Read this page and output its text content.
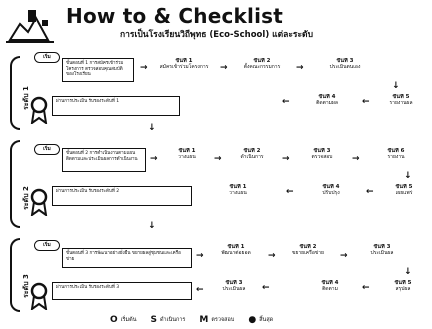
How to & Checklist
การเป็นโรงเรียนวิถีพุทธ (Eco-School) แต่ละระดับ
ระดับ 1
เริ่ม
ขั้นตอนที่ 1 การสมัครเข้าร่วมโครงการ ตรวจสอบคุณสมบัติของโรงเรียน
→
ขั้นที่ 1
สมัครเข้าร่วมโครงการ	→
ขั้นที่ 2
ตั้งคณะกรรมการ	→
ขั้นที่ 3
ประเมินตนเอง
↓
ขั้นที่ 5
รายงานผล
←
ขั้นที่ 4
ติดตามผล
←
ผ่านการประเมิน รับรองระดับที่ 1
↓
ระดับ 2
เริ่ม
ขั้นตอนที่ 2 การดำเนินงานตามแผน ติดตามและประเมินผลการดำเนินงาน	→
ขั้นที่ 1
วางแผน	→
ขั้นที่ 2
ดำเนินการ	→
ขั้นที่ 3
ตรวจสอบ	→
ขั้นที่ 6
รายงาน
↓
ขั้นที่ 5
เผยแพร่
←
ขั้นที่ 4
ปรับปรุง
←
ผ่านการประเมิน รับรองระดับที่ 2
ขั้นที่ 1
วางแผน
↓
ระดับ 3
เริ่ม
ขั้นตอนที่ 3 การพัฒนาอย่างยั่งยืน ขยายผลสู่ชุมชนและเครือข่าย	→
ขั้นที่ 1
พัฒนาต่อยอด	→
ขั้นที่ 2
ขยายเครือข่าย	→
ขั้นที่ 3
ประเมินผล
↓
ขั้นที่ 5
สรุปผล
←
ขั้นที่ 4
ติดตาม
←
ผ่านการประเมิน รับรองระดับที่ 3	←
ขั้นที่ 3
ประเมินผล
O เริ่มต้น S ดำเนินการ M ตรวจสอบ ● สิ้นสุด
